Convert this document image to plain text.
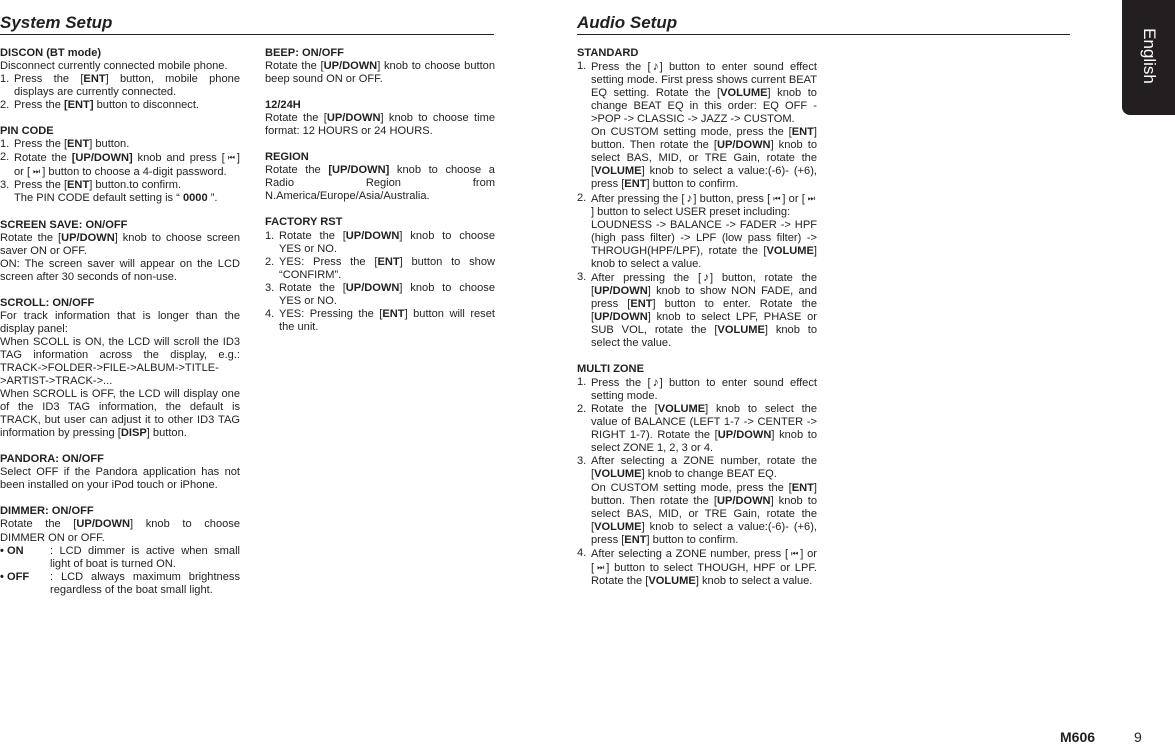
System Setup	Audio Setup
DISCON (BT mode)
Disconnect currently connected mobile phone.
1. Press the [ENT] button, mobile phone displays are currently connected.
2. Press the [ENT] button to disconnect.
PIN CODE
1. Press the [ENT] button.
2. Rotate the [UP/DOWN] knob and press [ ⏮ ] or [ ⏭ ] button to choose a 4-digit password.
3. Press the [ENT] button.to confirm.
The PIN CODE default setting is “ 0000 ”.
SCREEN SAVE: ON/OFF
Rotate the [UP/DOWN] knob to choose screen saver ON or OFF.
ON: The screen saver will appear on the LCD screen after 30 seconds of non-use.
SCROLL: ON/OFF
For track information that is longer than the display panel:
When SCOLL is ON, the LCD will scroll the ID3 TAG information across the display, e.g.: TRACK->FOLDER->FILE->ALBUM->TITLE->ARTIST->TRACK->...
When SCROLL is OFF, the LCD will display one of the ID3 TAG information, the default is TRACK, but user can adjust it to other ID3 TAG information by pressing [DISP] button.
PANDORA: ON/OFF
Select OFF if the Pandora application has not been installed on your iPod touch or iPhone.
DIMMER: ON/OFF
Rotate the [UP/DOWN] knob to choose DIMMER ON or OFF.
• ON : LCD dimmer is active when small light of boat is turned ON.
• OFF : LCD always maximum brightness regardless of the boat small light.
BEEP: ON/OFF
Rotate the [UP/DOWN] knob to choose button beep sound ON or OFF.
12/24H
Rotate the [UP/DOWN] knob to choose time format: 12 HOURS or 24 HOURS.
REGION
Rotate the [UP/DOWN] knob to choose a Radio Region from N.America/Europe/Asia/Australia.
FACTORY RST
1. Rotate the [UP/DOWN] knob to choose YES or NO.
2. YES: Press the [ENT] button to show “CONFIRM”.
3. Rotate the [UP/DOWN] knob to choose YES or NO.
4. YES: Pressing the [ENT] button will reset the unit.
STANDARD
1. Press the [ ♪ ] button to enter sound effect setting mode. First press shows current BEAT EQ setting. Rotate the [VOLUME] knob to change BEAT EQ in this order: EQ OFF ->POP -> CLASSIC -> JAZZ -> CUSTOM.
On CUSTOM setting mode, press the [ENT] button. Then rotate the [UP/DOWN] knob to select BAS, MID, or TRE Gain, rotate the [VOLUME] knob to select a value:(-6)- (+6), press [ENT] button to confirm.
2. After pressing the [ ♪ ] button, press [ ⏮ ] or [ ⏭] button to select USER preset including:
LOUDNESS -> BALANCE -> FADER -> HPF (high pass filter) -> LPF (low pass filter) -> THROUGH(HPF/LPF), rotate the [VOLUME] knob to select a value.
3. After pressing the [ ♪ ] button, rotate the [UP/DOWN] knob to show NON FADE, and press [ENT] button to enter. Rotate the [UP/DOWN] knob to select LPF, PHASE or SUB VOL, rotate the [VOLUME] knob to select the value.
MULTI ZONE
1. Press the [ ♪ ] button to enter sound effect setting mode.
2. Rotate the [VOLUME] knob to select the value of BALANCE (LEFT 1-7 -> CENTER -> RIGHT 1-7). Rotate the [UP/DOWN] knob to select ZONE 1, 2, 3 or 4.
3. After selecting a ZONE number, rotate the [VOLUME] knob to change BEAT EQ.
On CUSTOM setting mode, press the [ENT] button. Then rotate the [UP/DOWN] knob to select BAS, MID, or TRE Gain, rotate the [VOLUME] knob to select a value:(-6)- (+6), press [ENT] button to confirm.
4. After selecting a ZONE number, press [ ⏮ ] or [ ⏭ ] button to select THOUGH, HPF or LPF. Rotate the [VOLUME] knob to select a value.
English
M606	9
